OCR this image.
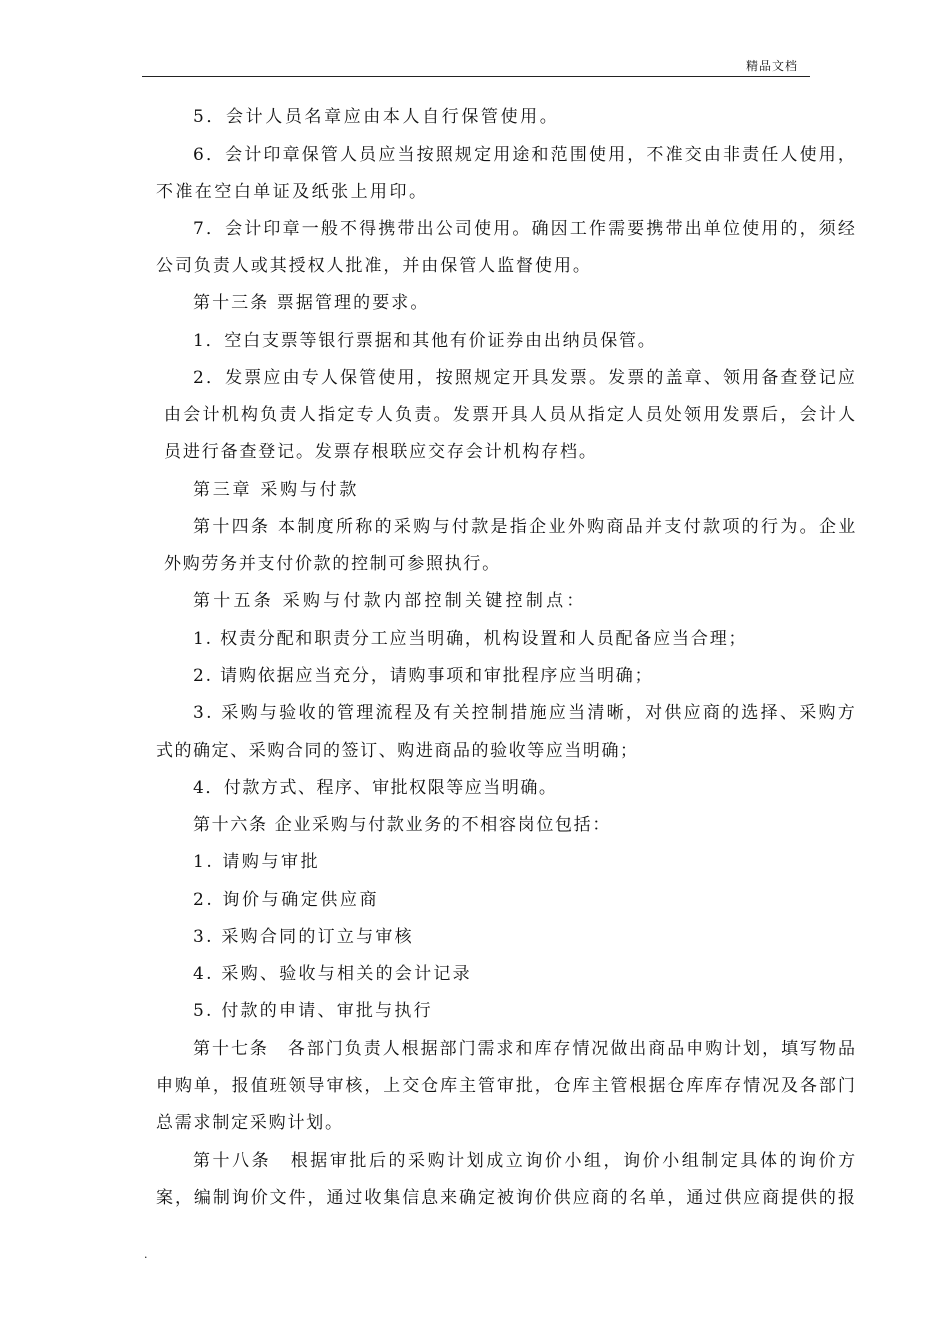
精品文档
5．会计人员名章应由本人自行保管使用。
6．会计印章保管人员应当按照规定用途和范围使用，不准交由非责任人使用，
不准在空白单证及纸张上用印。
7．会计印章一般不得携带出公司使用。确因工作需要携带出单位使用的，须经
公司负责人或其授权人批准，并由保管人监督使用。
第十三条 票据管理的要求。
1．空白支票等银行票据和其他有价证券由出纳员保管。
2．发票应由专人保管使用，按照规定开具发票。发票的盖章、领用备查登记应
由会计机构负责人指定专人负责。发票开具人员从指定人员处领用发票后，会计人
员进行备查登记。发票存根联应交存会计机构存档。
第三章 采购与付款
第十四条 本制度所称的采购与付款是指企业外购商品并支付款项的行为。企业
外购劳务并支付价款的控制可参照执行。
第十五条 采购与付款内部控制关键控制点：
1. 权责分配和职责分工应当明确，机构设置和人员配备应当合理；
2. 请购依据应当充分，请购事项和审批程序应当明确；
3. 采购与验收的管理流程及有关控制措施应当清晰，对供应商的选择、采购方
式的确定、采购合同的签订、购进商品的验收等应当明确；
4．付款方式、程序、审批权限等应当明确。
第十六条 企业采购与付款业务的不相容岗位包括：
1. 请购与审批
2. 询价与确定供应商
3. 采购合同的订立与审核
4. 采购、验收与相关的会计记录
5. 付款的申请、审批与执行
第十七条　各部门负责人根据部门需求和库存情况做出商品申购计划，填写物品
申购单，报值班领导审核，上交仓库主管审批，仓库主管根据仓库库存情况及各部门
总需求制定采购计划。
第十八条　根据审批后的采购计划成立询价小组，询价小组制定具体的询价方
案，编制询价文件，通过收集信息来确定被询价供应商的名单，通过供应商提供的报
.
